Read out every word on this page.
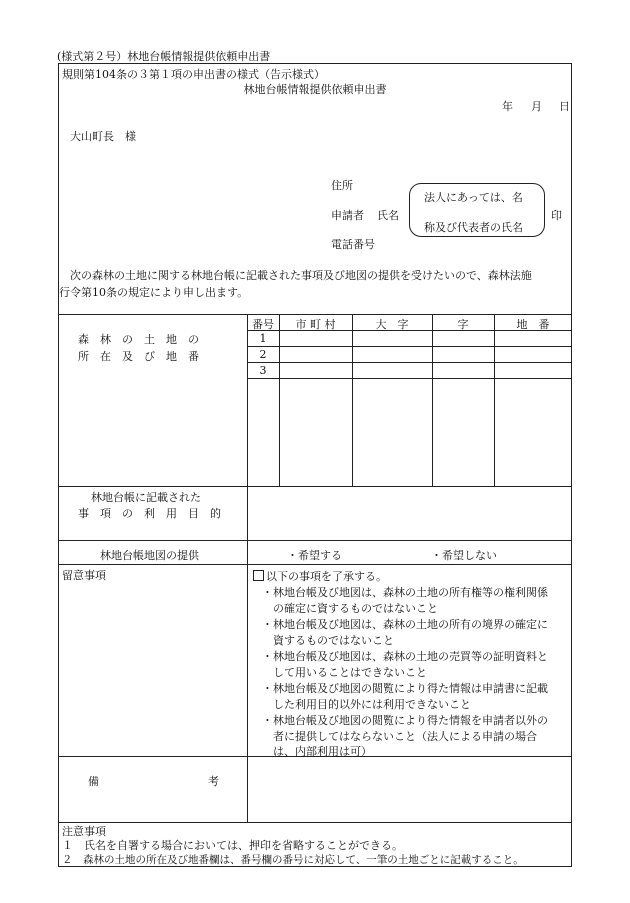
(様式第２号）林地台帳情報提供依頼申出書
規則第104条の３第１項の申出書の様式（告示様式）
林地台帳情報提供依頼申出書
年 月 日
大山町長　様
住所
申請者 氏名
法人にあっては、名
称及び代表者の氏名
印
電話番号
次の森林の土地に関する林地台帳に記載された事項及び地図の提供を受けたいので、森林法施
行令第10条の規定により申し出ます。
森　林　の　土　地　の
所　在　及　び　地　番
番号	市 町 村	大　字	字	地　番
1
2
3
林地台帳に記載された
事　項　の　利　用　目　的
林地台帳地図の提供	・希望する	・希望しない
留意事項	以下の事項を了承する。
・林地台帳及び地図は、森林の土地の所有権等の権利関係
の確定に資するものではないこと
・林地台帳及び地図は、森林の土地の所有の境界の確定に
資するものではないこと
・林地台帳及び地図は、森林の土地の売買等の証明資料と
して用いることはできないこと
・林地台帳及び地図の閲覧により得た情報は申請書に記載
した利用目的以外には利用できないこと
・林地台帳及び地図の閲覧により得た情報を申請者以外の
者に提供してはならないこと（法人による申請の場合
は、内部利用は可）
備	考
注意事項
１　氏名を自署する場合においては、押印を省略することができる。
２　森林の土地の所在及び地番欄は、番号欄の番号に対応して、一筆の土地ごとに記載すること。
